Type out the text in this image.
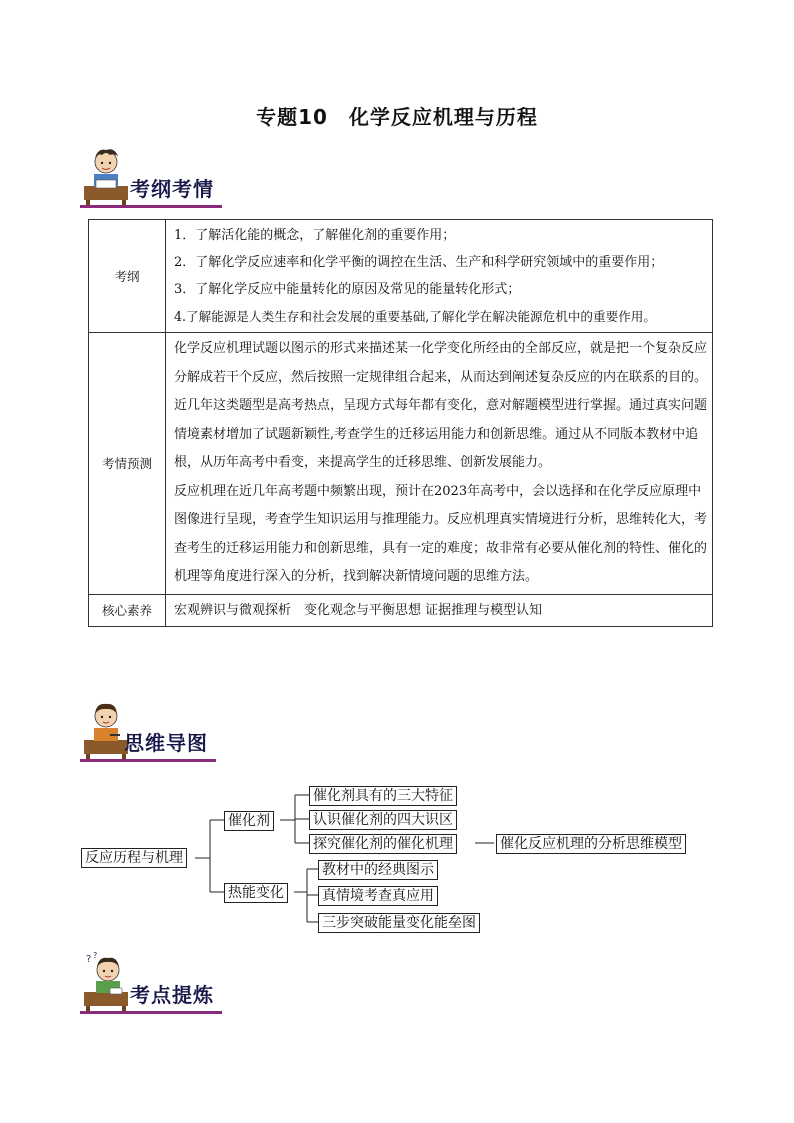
专题10　化学反应机理与历程
考纲考情
考纲	1．了解活化能的概念，了解催化剂的重要作用；

2．了解化学反应速率和化学平衡的调控在生活、生产和科学研究领域中的重要作用；

3．了解化学反应中能量转化的原因及常见的能量转化形式；

4.了解能源是人类生存和社会发展的重要基础,了解化学在解决能源危机中的重要作用。

考情预测	化学反应机理试题以图示的形式来描述某一化学变化所经由的全部反应，就是把一个复杂反应分解成若干个反应，然后按照一定规律组合起来，从而达到阐述复杂反应的内在联系的目的。近几年这类题型是高考热点，呈现方式每年都有变化，意对解题模型进行掌握。通过真实问题情境素材增加了试题新颖性,考查学生的迁移运用能力和创新思维。通过从不同版本教材中追根，从历年高考中看变，来提高学生的迁移思维、创新发展能力。

反应机理在近几年高考题中频繁出现，预计在2023年高考中，会以选择和在化学反应原理中图像进行呈现，考查学生知识运用与推理能力。反应机理真实情境进行分析，思维转化大，考查考生的迁移运用能力和创新思维，具有一定的难度；故非常有必要从催化剂的特性、催化的机理等角度进行深入的分析，找到解决新情境问题的思维方法。

核心素养	宏观辨识与微观探析　变化观念与平衡思想 证据推理与模型认知
思维导图
反应历程与机理
催化剂
热能变化
催化剂具有的三大特征
认识催化剂的四大识区
探究催化剂的催化机理	催化反应机理的分析思维模型
教材中的经典图示
真情境考查真应用
三步突破能量变化能垒图
? ?
考点提炼
